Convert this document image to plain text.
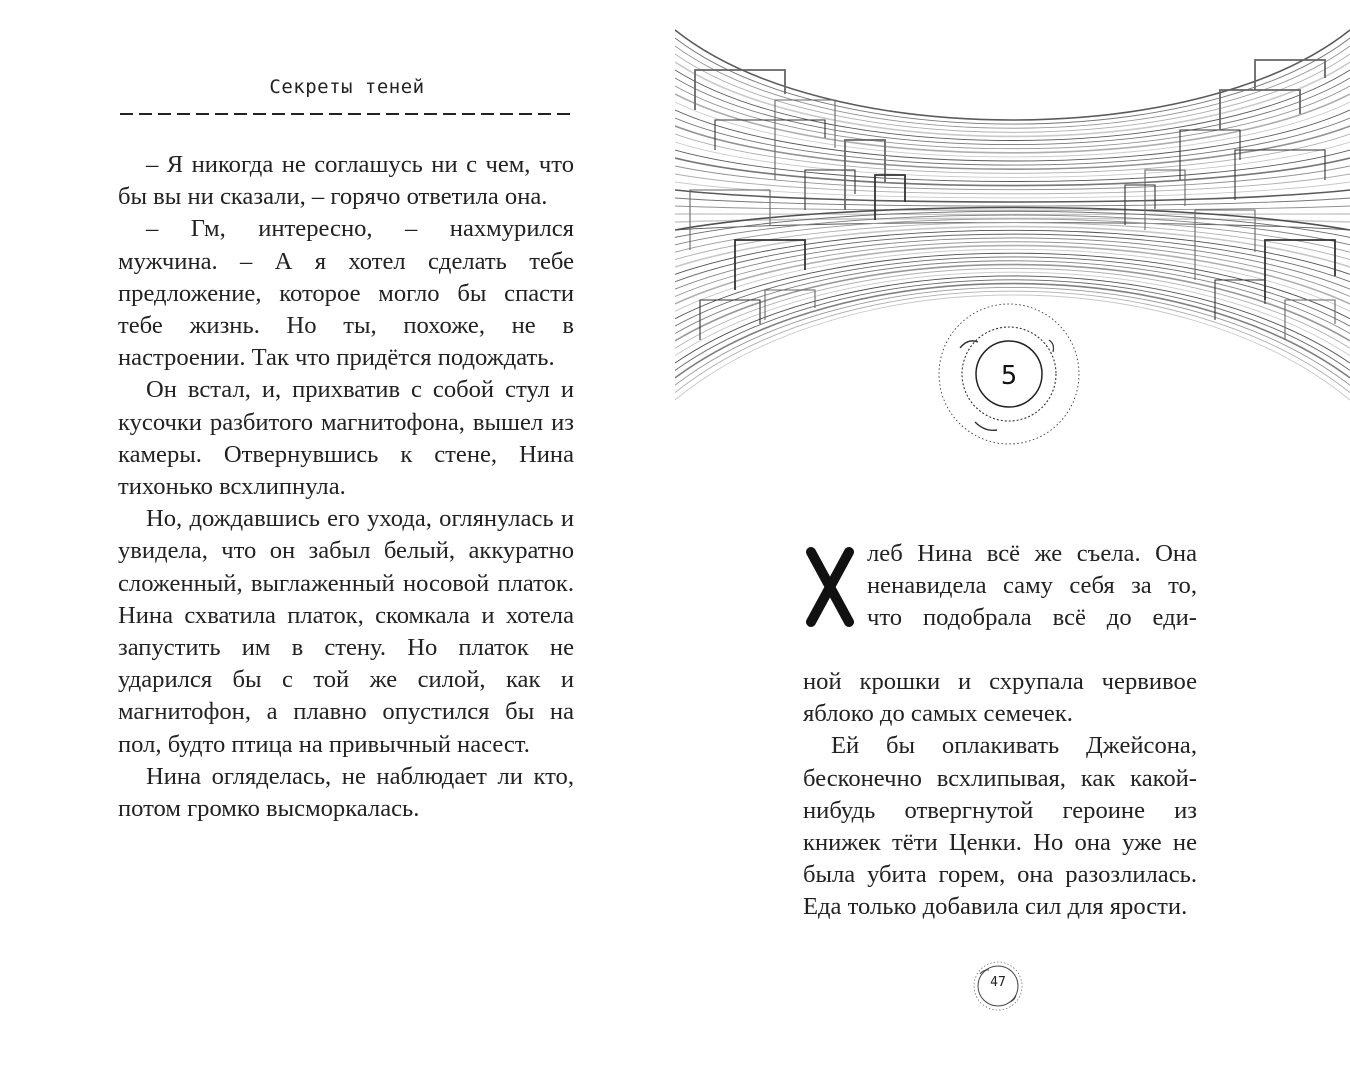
Секреты теней

– Я никогда не соглашусь ни с чем, что бы вы ни сказали, – горячо ответила она.

– Гм, интересно, – нахмурился мужчина. – А я хотел сделать тебе предложение, которое могло бы спасти тебе жизнь. Но ты, похоже, не в настроении. Так что придётся подождать.

Он встал, и, прихватив с собой стул и кусочки разбитого магнитофона, вышел из камеры. Отвернувшись к стене, Нина тихонько всхлипнула.

Но, дождавшись его ухода, оглянулась и увидела, что он забыл белый, аккуратно сложенный, выглаженный носовой платок. Нина схватила платок, скомкала и хотела запустить им в стену. Но платок не ударился бы с той же силой, как и магнитофон, а плавно опустился бы на пол, будто птица на привычный насест.

Нина огляделась, не наблюдает ли кто, потом громко высморкалась.

5

леб Нина всё же съела. Она

ненавидела саму себя за то,

что подобрала всё до еди-

ной крошки и схрупала червивое яблоко до самых семечек.

Ей бы оплакивать Джейсона, бесконечно всхлипывая, как какой-нибудь отвергнутой героине из книжек тёти Ценки. Но она уже не была убита горем, она разозлилась. Еда только добавила сил для ярости.

47
